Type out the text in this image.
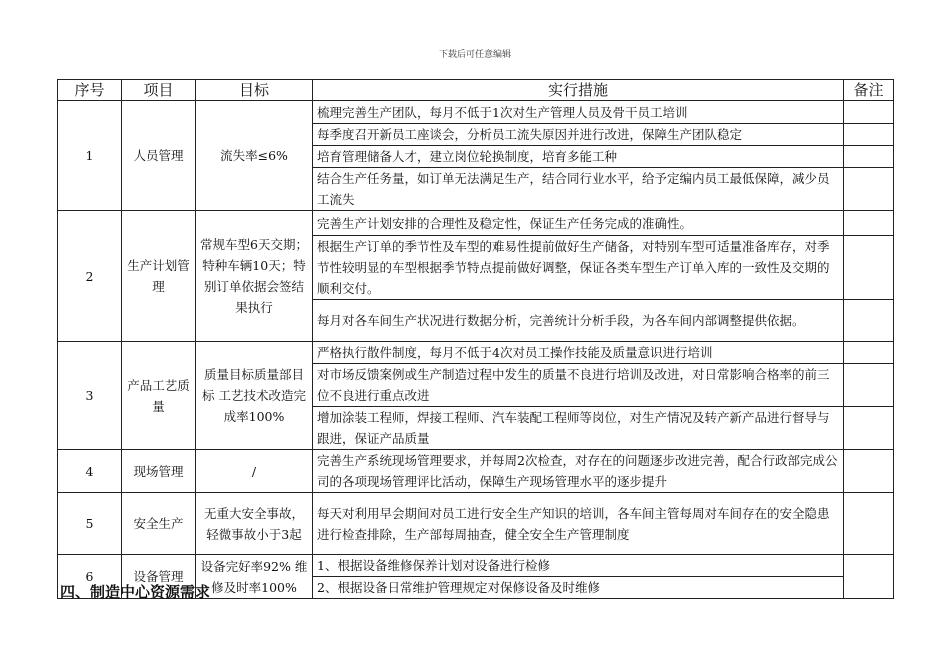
下载后可任意编辑
序号	项目	目标	实行措施	备注
1	人员管理	流失率≤6%	梳理完善生产团队，每月不低于1次对生产管理人员及骨干员工培训	
			每季度召开新员工座谈会，分析员工流失原因并进行改进，保障生产团队稳定	
			培育管理储备人才，建立岗位轮换制度，培育多能工种	
			结合生产任务量，如订单无法满足生产，结合同行业水平，给予定编内员工最低保障，减少员工流失	
2	生产计划管理	常规车型6天交期；特种车辆10天；特别订单依据会签结果执行	完善生产计划安排的合理性及稳定性，保证生产任务完成的准确性。	
			根据生产订单的季节性及车型的难易性提前做好生产储备，对特别车型可适量准备库存，对季节性较明显的车型根据季节特点提前做好调整，保证各类车型生产订单入库的一致性及交期的顺利交付。	
			每月对各车间生产状况进行数据分析，完善统计分析手段，为各车间内部调整提供依据。	
3	产品工艺质量	质量目标质量部目标 工艺技术改造完成率100%	严格执行散件制度，每月不低于4次对员工操作技能及质量意识进行培训	
			对市场反馈案例或生产制造过程中发生的质量不良进行培训及改进，对日常影响合格率的前三位不良进行重点改进	
			增加涂装工程师，焊接工程师、汽车装配工程师等岗位，对生产情况及转产新产品进行督导与跟进，保证产品质量	
4	现场管理	/	完善生产系统现场管理要求，并每周2次检查，对存在的问题逐步改进完善，配合行政部完成公司的各项现场管理评比活动，保障生产现场管理水平的逐步提升	
5	安全生产	无重大安全事故，轻微事故小于3起	每天对利用早会期间对员工进行安全生产知识的培训，各车间主管每周对车间存在的安全隐患进行检查排除，生产部每周抽查，健全安全生产管理制度	
6	设备管理	设备完好率92% 维修及时率100%	1、根据设备维修保养计划对设备进行检修	
			2、根据设备日常维护管理规定对保修设备及时维修	
四、制造中心资源需求
